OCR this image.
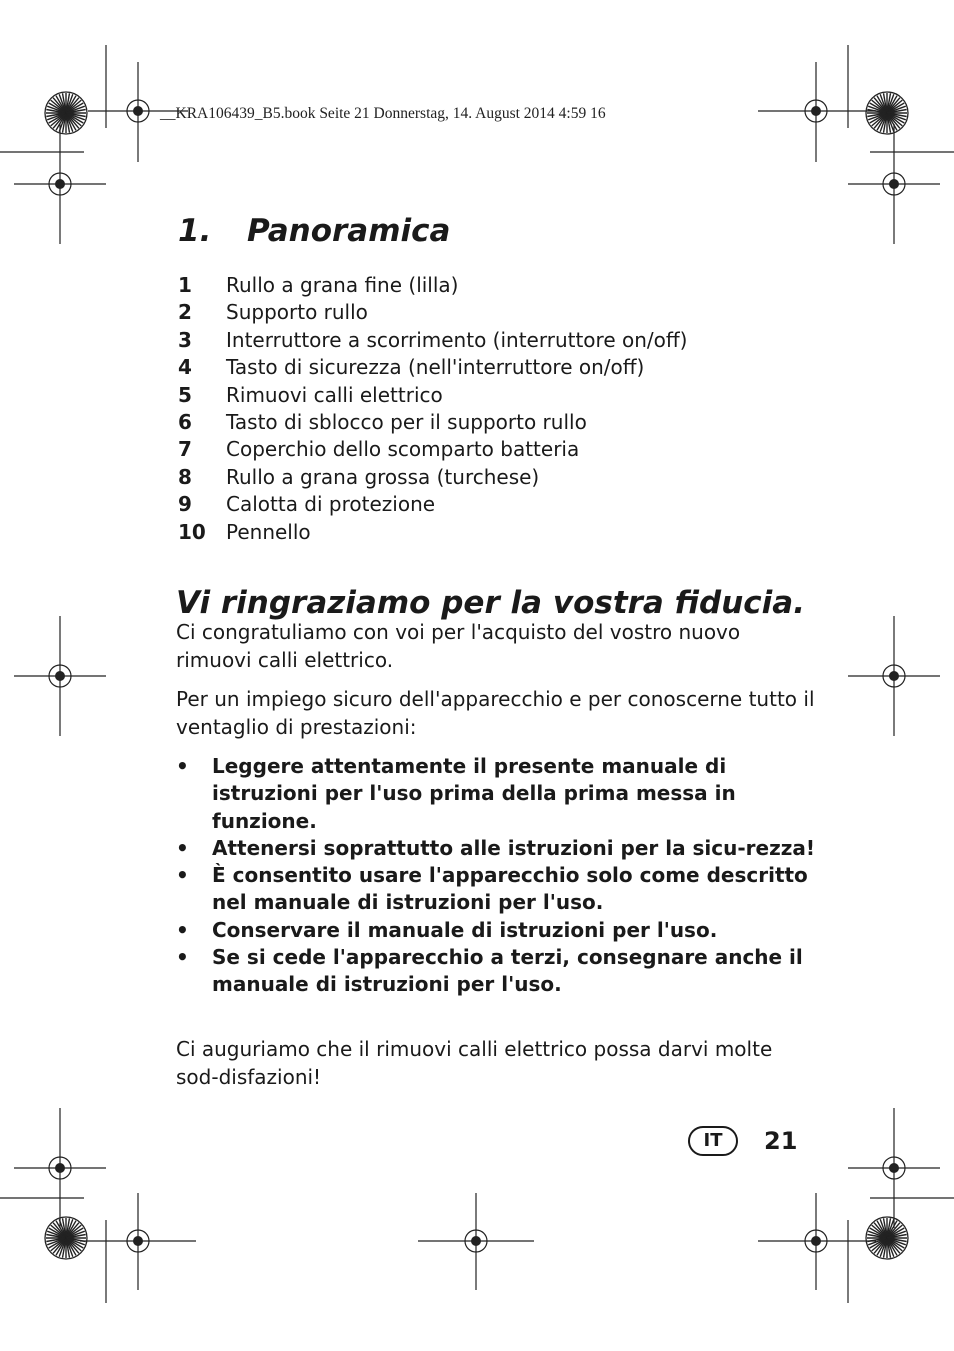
__KRA106439_B5.book Seite 21 Donnerstag, 14. August 2014 4:59 16
1. Panoramica
1 Rullo a grana fine (lilla)
2 Supporto rullo
3 Interruttore a scorrimento (interruttore on/off)
4 Tasto di sicurezza (nell'interruttore on/off)
5 Rimuovi calli elettrico
6 Tasto di sblocco per il supporto rullo
7 Coperchio dello scomparto batteria
8 Rullo a grana grossa (turchese)
9 Calotta di protezione
10 Pennello
Vi ringraziamo per la vostra fiducia.

Ci congratuliamo con voi per l'acquisto del vostro nuovo rimuovi calli elettrico.

Per un impiego sicuro dell'apparecchio e per conoscerne tutto il ventaglio di prestazioni:

• Leggere attentamente il presente manuale di istruzioni per l'uso prima della prima messa in funzione.
• Attenersi soprattutto alle istruzioni per la sicu-rezza!
• È consentito usare l'apparecchio solo come descritto nel manuale di istruzioni per l'uso.
• Conservare il manuale di istruzioni per l'uso.
• Se si cede l'apparecchio a terzi, consegnare anche il manuale di istruzioni per l'uso.

Ci auguriamo che il rimuovi calli elettrico possa darvi molte sod-disfazioni!

IT	21
